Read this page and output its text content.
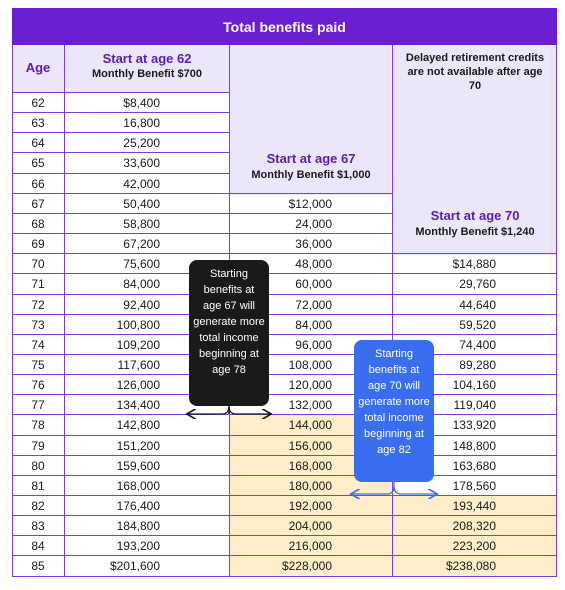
Total benefits paid
Age
Start at age 62
Monthly Benefit $700
Start at age 67
Monthly Benefit $1,000
Delayed retirement credits are not available after age 70
Start at age 70
Monthly Benefit $1,240
62	$8,400
63	16,800
64	25,200
65	33,600
66	42,000
67	50,400	$12,000
68	58,800	24,000
69	67,200	36,000
70	75,600	48,000	$14,880
71	84,000	60,000	29,760
72	92,400	72,000	44,640
73	100,800	84,000	59,520
74	109,200	96,000	74,400
75	117,600	108,000	89,280
76	126,000	120,000	104,160
77	134,400	132,000	119,040
78	142,800	144,000	133,920
79	151,200	156,000	148,800
80	159,600	168,000	163,680
81	168,000	180,000	178,560
82	176,400	192,000	193,440
83	184,800	204,000	208,320
84	193,200	216,000	223,200
85	$201,600	$228,000	$238,080
Starting benefits at age 67 will generate more total income beginning at age 78
Starting benefits at age 70 will generate more total income beginning at age 82
